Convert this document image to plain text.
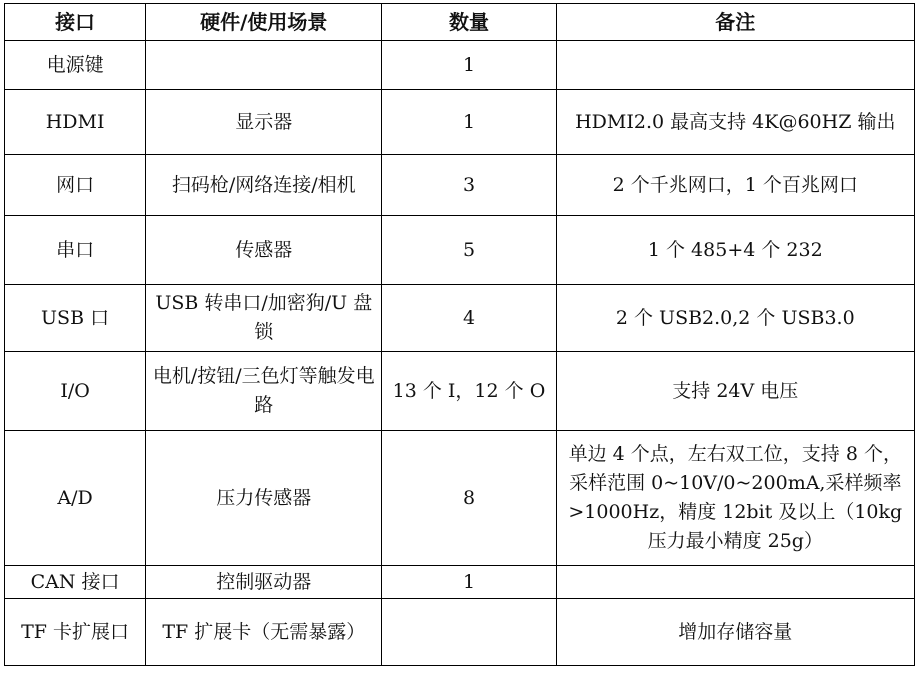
接口	硬件/使用场景	数量	备注
电源键		1	
HDMI	显示器	1	HDMI2.0 最高支持 4K@60HZ 输出
网口	扫码枪/网络连接/相机	3	2 个千兆网口，1 个百兆网口
串口	传感器	5	1 个 485+4 个 232
USB 口	USB 转串口/加密狗/U 盘锁	4	2 个 USB2.0,2 个 USB3.0
I/O	电机/按钮/三色灯等触发电路	13 个 I，12 个 O	支持 24V 电压
A/D	压力传感器	8	单边 4 个点，左右双工位，支持 8 个，采样范围 0~10V/0~200mA,采样频率>1000Hz，精度 12bit 及以上（10kg 压力最小精度 25g）
CAN 接口	控制驱动器	1	
TF 卡扩展口	TF 扩展卡（无需暴露）		增加存储容量
